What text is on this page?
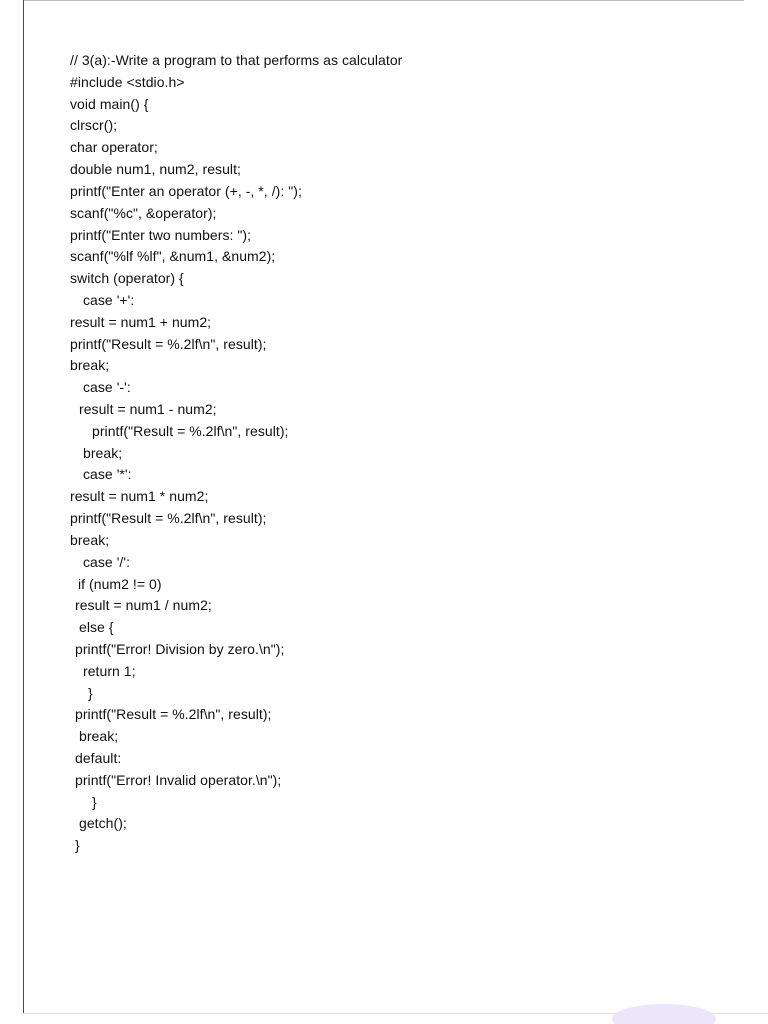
// 3(a):-Write a program to that performs as calculator
#include <stdio.h>
void main() {
clrscr();
char operator;
double num1, num2, result;
printf("Enter an operator (+, -, *, /): ");
scanf("%c", &operator);
printf("Enter two numbers: ");
scanf("%lf %lf", &num1, &num2);
switch (operator) {
case '+':
result = num1 + num2;
printf("Result = %.2lf\n", result);
break;
case '-':
result = num1 - num2;
printf("Result = %.2lf\n", result);
break;
case '*':
result = num1 * num2;
printf("Result = %.2lf\n", result);
break;
case '/':
if (num2 != 0)
result = num1 / num2;
else {
printf("Error! Division by zero.\n");
return 1;
}
printf("Result = %.2lf\n", result);
break;
default:
printf("Error! Invalid operator.\n");
}
getch();
}
